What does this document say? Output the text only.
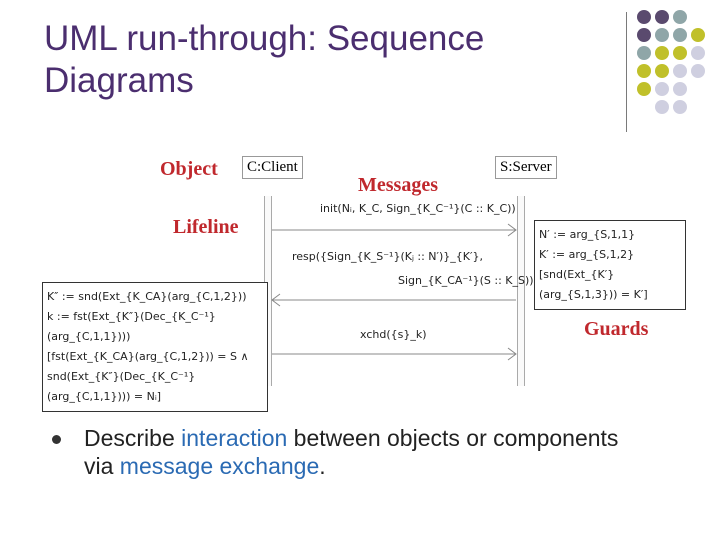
UML run-through: Sequence Diagrams
Object
Messages
Lifeline
Guards
C:Client	S:Server
init(Nᵢ, K_C, Sign_{K_C⁻¹}(C :: K_C))
resp({Sign_{K_S⁻¹}(Kⱼ :: N′)}_{K′},
Sign_{K_CA⁻¹}(S :: K_S))
xchd({s}_k)
N′ := arg_{S,1,1}
K′ := arg_{S,1,2}
[snd(Ext_{K′}(arg_{S,1,3})) = K′]
K″ := snd(Ext_{K_CA}(arg_{C,1,2}))
k := fst(Ext_{K″}(Dec_{K_C⁻¹}(arg_{C,1,1})))
[fst(Ext_{K_CA}(arg_{C,1,2})) = S ∧
snd(Ext_{K″}(Dec_{K_C⁻¹}(arg_{C,1,1}))) = Nᵢ]
Describe interaction between objects or components via message exchange.
